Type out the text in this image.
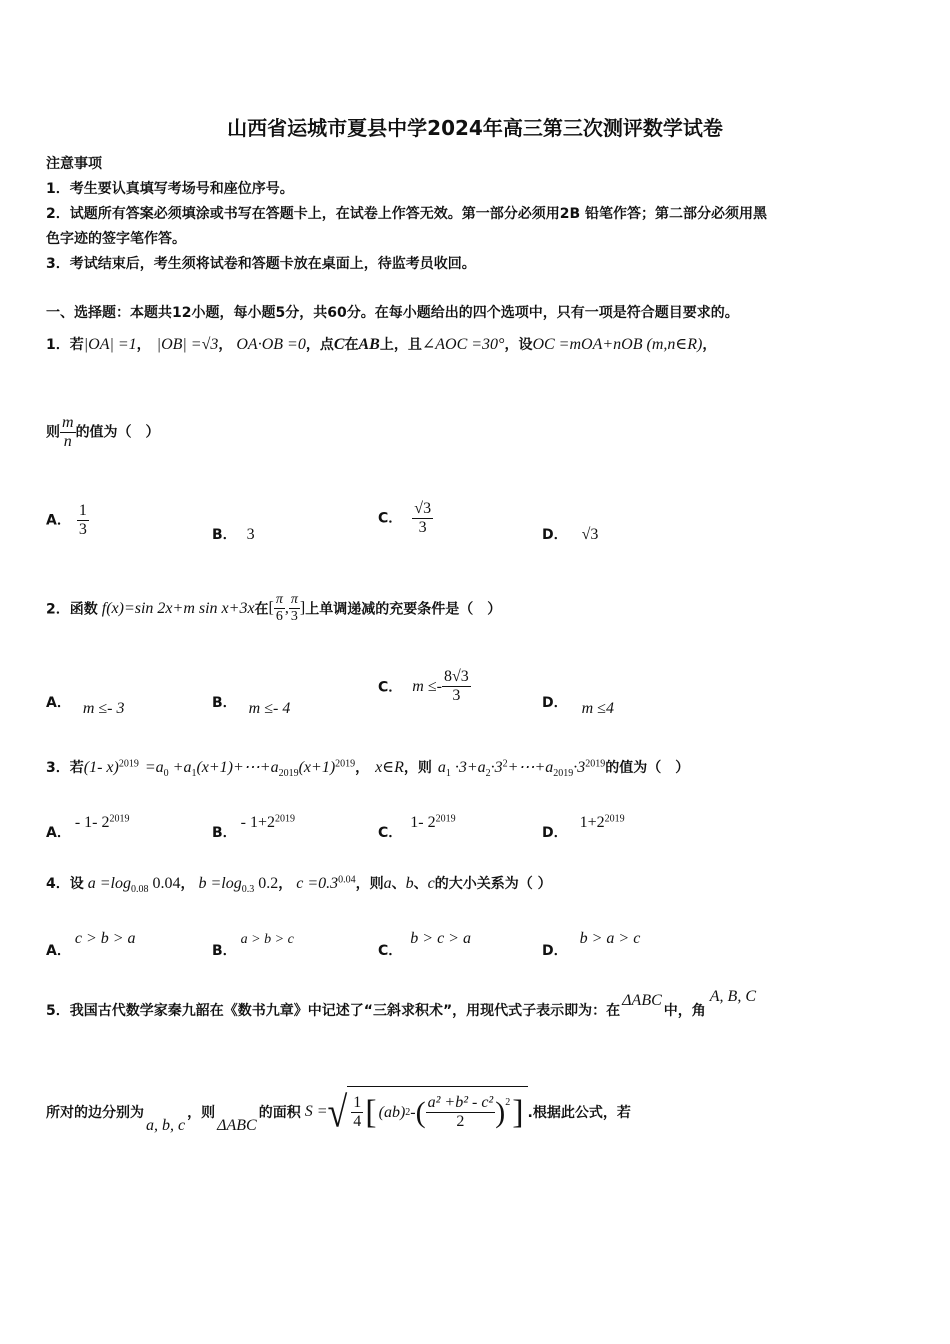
山西省运城市夏县中学2024年高三第三次测评数学试卷
注意事项
1．考生要认真填写考场号和座位序号。
2．试题所有答案必须填涂或书写在答题卡上，在试卷上作答无效。第一部分必须用2B 铅笔作答；第二部分必须用黑
色字迹的签字笔作答。
3．考试结束后，考生须将试卷和答题卡放在桌面上，待监考员收回。
一、选择题：本题共12小题，每小题5分，共60分。在每小题给出的四个选项中，只有一项是符合题目要求的。
1．若|OA| =1， |OB| =√3， OA·OB =0，点C在AB上，且∠AOC =30°，设OC =mOA+nOB (m,n∈R)，
则 $\frac{m}{n}$ 的值为（　）
A． $\frac{1}{3}$	B． 3
C． $\frac{√3}{3}$	D． √3
2．函数 f(x)=sin 2x+m sin x+3x在[ $\frac{\pi}{6}$ , $\frac{\pi}{3}$ ]上单调递减的充要条件是（　）
A． m ≤- 3	B． m ≤- 4
C． $m \le- \frac{8√3}{3}$	D． m ≤4
3．若(1- $x)^{2019} =a_0$ $+a_1(x+1)+\cdots+a_{2019}(x+1)^{2019}$， x∈R，则 $a_1$ $\cdot 3+a_2\cdot 3^2+\cdots+a_{2019}\cdot 3^{2019}$的值为（　）
A．- 1- $2^{2019}$
B．- $1+2^{2019}$
C．1- $2^{2019}$
D．$1+2^{2019}$
4．设 $a =\log_{0.08}$ 0.04， $b =\log_{0.3}$ 0.2， $c =0.3^{0.04}$，则a、b、c的大小关系为（ ）
A．c > b > a
B．a > b > c
C．b > c > a
D．b > a > c
5．我国古代数学家秦九韶在《数书九章》中记述了“三斜求积术”，用现代式子表示即为：在ΔABC中，角A, B, C
所对的边分别为a, b, c，则ΔABC的面积 S = √ $\frac{1}{4}$ [ (ab) 2 - ( $\frac{\text{a² +b² - c²}}{2}$ ) 2 ] .根据此公式，若
